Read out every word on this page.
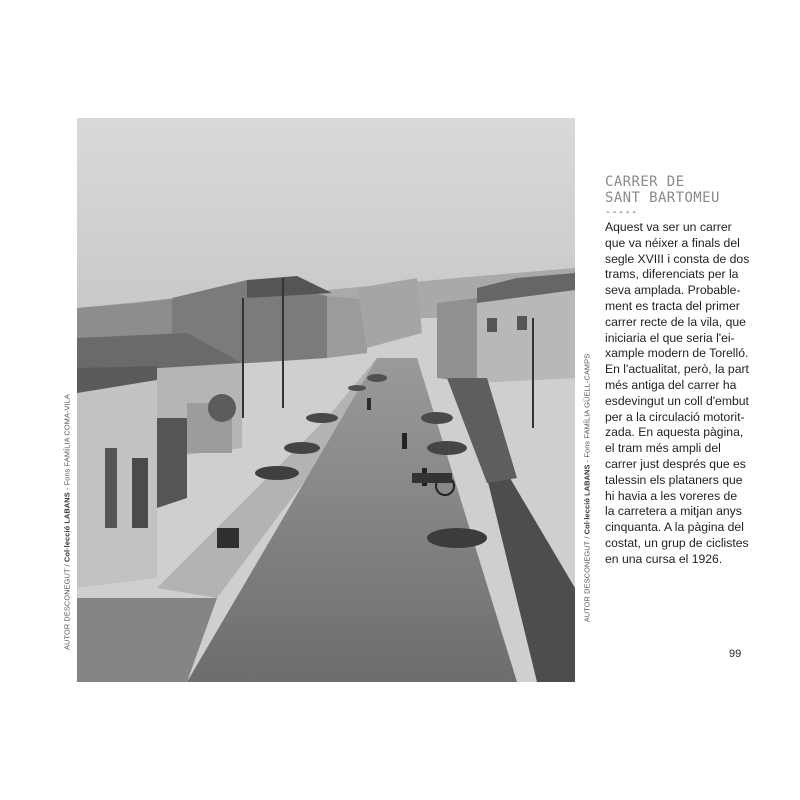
AUTOR DESCONEGUT / Col·lecció LABANS - Fons FAMÍLIA COMA-VILA
AUTOR DESCONEGUT / Col·lecció LABANS - Fons FAMÍLIA GÜELL-CAMPS
CARRER DE
SANT BARTOMEU
-----
Aquest va ser un carrer
que va néixer a finals del
segle XVIII i consta de dos
trams, diferenciats per la
seva amplada. Probable-
ment es tracta del primer
carrer recte de la vila, que
iniciaria el que seria l'ei-
xample modern de Torelló.
En l'actualitat, però, la part
més antiga del carrer ha
esdevingut un coll d'embut
per a la circulació motorit-
zada. En aquesta pàgina,
el tram més ampli del
carrer just després que es
talessin els plataners que
hi havia a les voreres de
la carretera a mitjan anys
cinquanta. A la pàgina del
costat, un grup de ciclistes
en una cursa el 1926.
99
